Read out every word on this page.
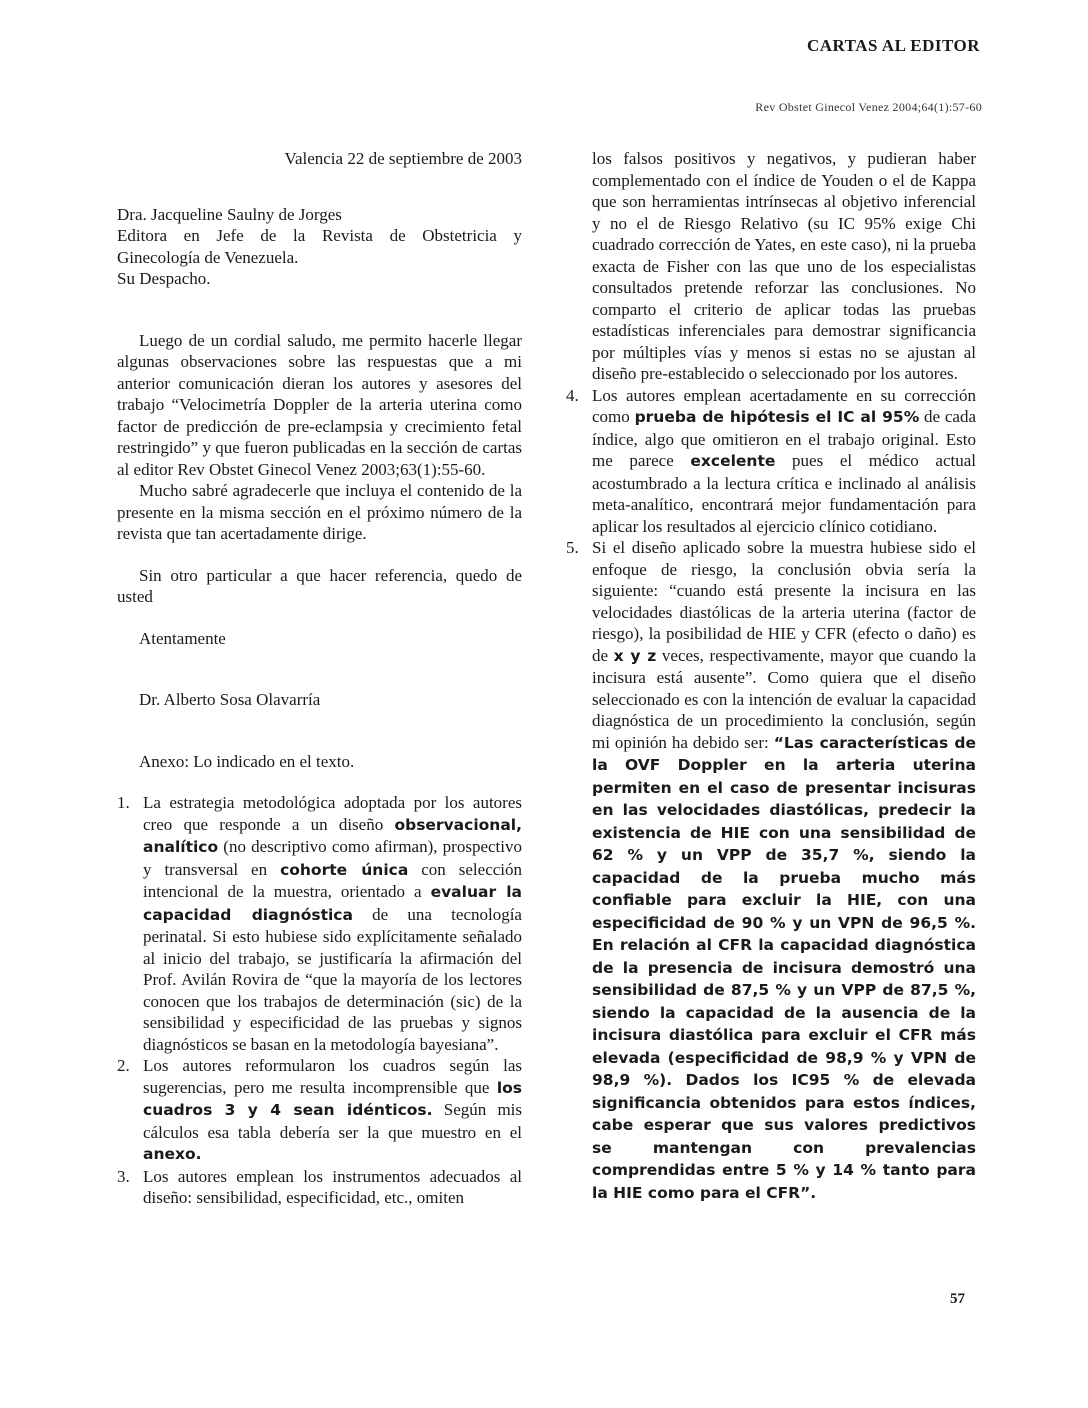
CARTAS AL EDITOR
Rev Obstet Ginecol Venez 2004;64(1):57-60

Valencia 22 de septiembre de 2003

Dra. Jacqueline Saulny de Jorges

Editora en Jefe de la Revista de Obstetricia y

Ginecología de Venezuela.

Su Despacho.

Luego de un cordial saludo, me permito hacerle llegar algunas observaciones sobre las respuestas que a mi anterior comunicación dieran los autores y asesores del trabajo “Velocimetría Doppler de la arteria uterina como factor de predicción de pre-eclampsia y crecimiento fetal restringido” y que fueron publicadas en la sección de cartas al editor Rev Obstet Ginecol Venez 2003;63(1):55-60.

Mucho sabré agradecerle que incluya el contenido de la presente en la misma sección en el próximo número de la revista que tan acertadamente dirige.

Sin otro particular a que hacer referencia, quedo de usted

Atentamente

Dr. Alberto Sosa Olavarría

Anexo: Lo indicado en el texto.

1. La estrategia metodológica adoptada por los autores creo que responde a un diseño observacional, analítico (no descriptivo como afirman), prospectivo y transversal en cohorte única con selección intencional de la muestra, orientado a evaluar la capacidad diagnóstica de una tecnología perinatal. Si esto hubiese sido explícitamente señalado al inicio del trabajo, se justificaría la afirmación del Prof. Avilán Rovira de “que la mayoría de los lectores conocen que los trabajos de determinación (sic) de la sensibilidad y especificidad de las pruebas y signos diagnósticos se basan en la metodología bayesiana”.
2. Los autores reformularon los cuadros según las sugerencias, pero me resulta incomprensible que los cuadros 3 y 4 sean idénticos. Según mis cálculos esa tabla debería ser la que muestro en el anexo.
3. Los autores emplean los instrumentos adecuados al diseño: sensibilidad, especificidad, etc., omiten
los falsos positivos y negativos, y pudieran haber complementado con el índice de Youden o el de Kappa que son herramientas intrínsecas al objetivo inferencial y no el de Riesgo Relativo (su IC 95% exige Chi cuadrado corrección de Yates, en este caso), ni la prueba exacta de Fisher con las que uno de los especialistas consultados pretende reforzar las conclusiones. No comparto el criterio de aplicar todas las pruebas estadísticas inferenciales para demostrar significancia por múltiples vías y menos si estas no se ajustan al diseño pre-establecido o seleccionado por los autores.
4. Los autores emplean acertadamente en su corrección como prueba de hipótesis el IC al 95% de cada índice, algo que omitieron en el trabajo original. Esto me parece excelente pues el médico actual acostumbrado a la lectura crítica e inclinado al análisis meta-analítico, encontrará mejor fundamentación para aplicar los resultados al ejercicio clínico cotidiano.
5. Si el diseño aplicado sobre la muestra hubiese sido el enfoque de riesgo, la conclusión obvia sería la siguiente: “cuando está presente la incisura en las velocidades diastólicas de la arteria uterina (factor de riesgo), la posibilidad de HIE y CFR (efecto o daño) es de x y z veces, respectivamente, mayor que cuando la incisura está ausente”. Como quiera que el diseño seleccionado es con la intención de evaluar la capacidad diagnóstica de un procedimiento la conclusión, según mi opinión ha debido ser: “Las características de la OVF Doppler en la arteria uterina permiten en el caso de presentar incisuras en las velocidades diastólicas, predecir la existencia de HIE con una sensibilidad de 62 % y un VPP de 35,7 %, siendo la capacidad de la prueba mucho más confiable para excluir la HIE, con una especificidad de 90 % y un VPN de 96,5 %. En relación al CFR la capacidad diagnóstica de la presencia de incisura demostró una sensibilidad de 87,5 % y un VPP de 87,5 %, siendo la capacidad de la ausencia de la incisura diastólica para excluir el CFR más elevada (especificidad de 98,9 % y VPN de 98,9 %). Dados los IC95 % de elevada significancia obtenidos para estos índices, cabe esperar que sus valores predictivos se mantengan con prevalencias comprendidas entre 5 % y 14 % tanto para la HIE como para el CFR”.
57
